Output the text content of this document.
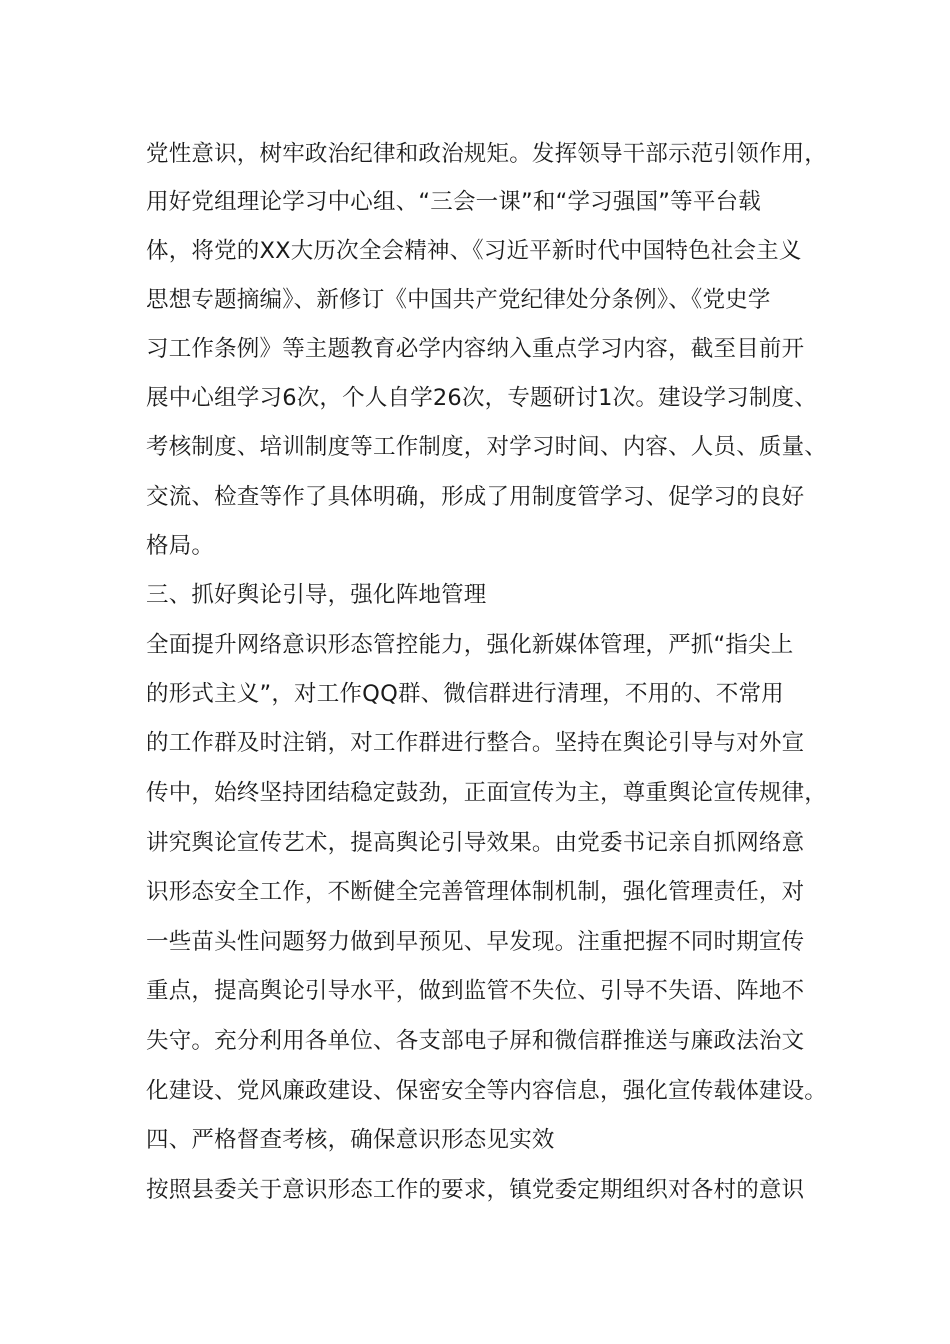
党性意识，树牢政治纪律和政治规矩。发挥领导干部示范引领作用，
用好党组理论学习中心组、“三会一课”和“学习强国”等平台载
体，将党的XX大历次全会精神、《习近平新时代中国特色社会主义
思想专题摘编》、新修订《中国共产党纪律处分条例》、《党史学
习工作条例》等主题教育必学内容纳入重点学习内容，截至目前开
展中心组学习6次，个人自学26次，专题研讨1次。建设学习制度、
考核制度、培训制度等工作制度，对学习时间、内容、人员、质量、
交流、检查等作了具体明确，形成了用制度管学习、促学习的良好
格局。
三、抓好舆论引导，强化阵地管理
全面提升网络意识形态管控能力，强化新媒体管理，严抓“指尖上
的形式主义”，对工作QQ群、微信群进行清理，不用的、不常用
的工作群及时注销，对工作群进行整合。坚持在舆论引导与对外宣
传中，始终坚持团结稳定鼓劲，正面宣传为主，尊重舆论宣传规律，
讲究舆论宣传艺术，提高舆论引导效果。由党委书记亲自抓网络意
识形态安全工作，不断健全完善管理体制机制，强化管理责任，对
一些苗头性问题努力做到早预见、早发现。注重把握不同时期宣传
重点，提高舆论引导水平，做到监管不失位、引导不失语、阵地不
失守。充分利用各单位、各支部电子屏和微信群推送与廉政法治文
化建设、党风廉政建设、保密安全等内容信息，强化宣传载体建设。
四、严格督查考核，确保意识形态见实效
按照县委关于意识形态工作的要求，镇党委定期组织对各村的意识
